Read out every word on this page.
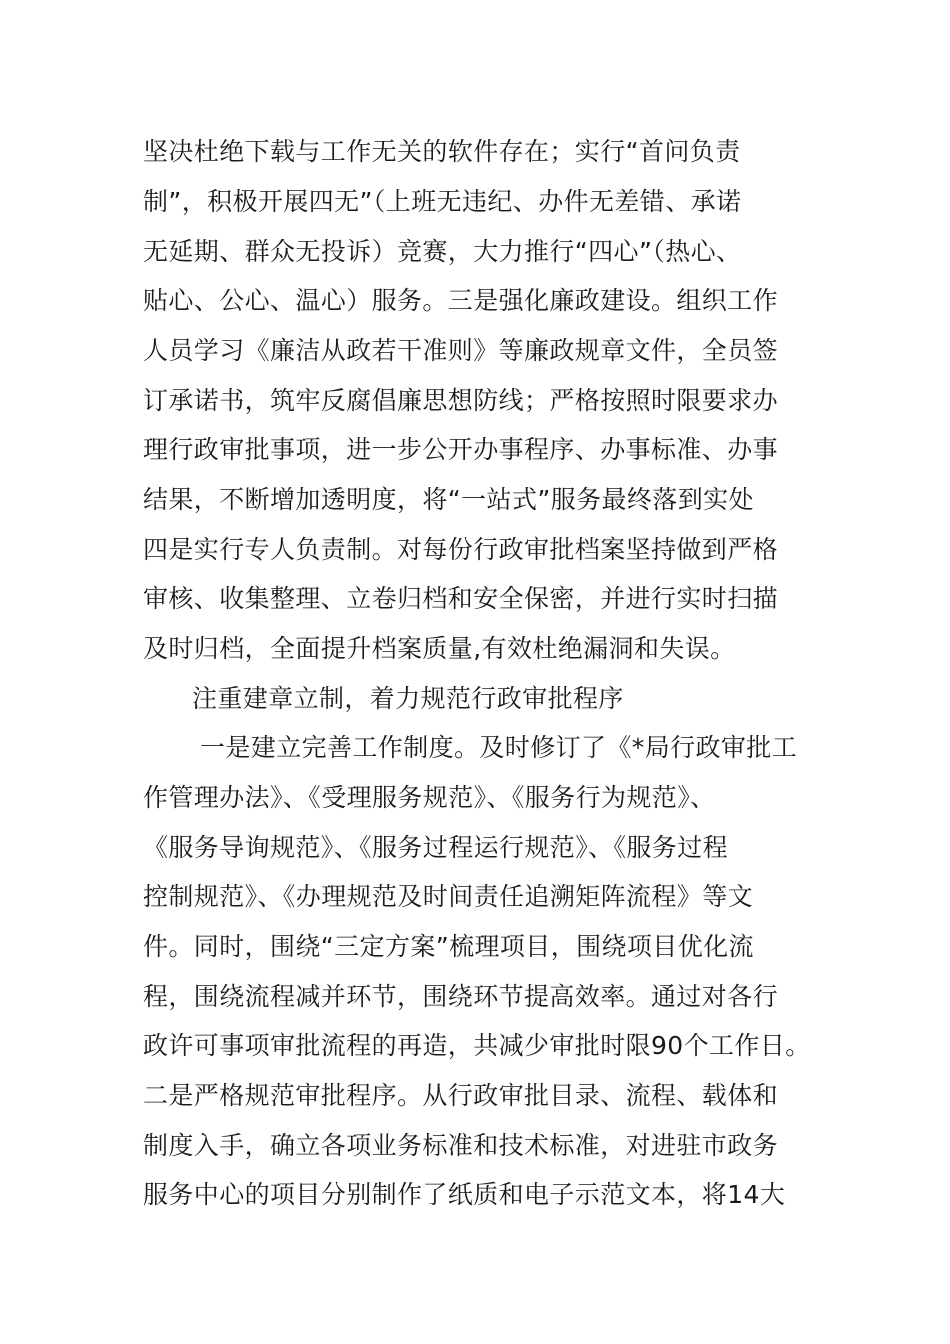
坚决杜绝下载与工作无关的软件存在；实行“首问负责
制”，积极开展四无”（上班无违纪、办件无差错、承诺
无延期、群众无投诉）竞赛，大力推行“四心”（热心、
贴心、公心、温心）服务。三是强化廉政建设。组织工作
人员学习《廉洁从政若干准则》等廉政规章文件，全员签
订承诺书，筑牢反腐倡廉思想防线；严格按照时限要求办
理行政审批事项，进一步公开办事程序、办事标准、办事
结果，不断增加透明度，将“一站式”服务最终落到实处
四是实行专人负责制。对每份行政审批档案坚持做到严格
审核、收集整理、立卷归档和安全保密，并进行实时扫描
及时归档，全面提升档案质量,有效杜绝漏洞和失误。
注重建章立制，着力规范行政审批程序
一是建立完善工作制度。及时修订了《*局行政审批工
作管理办法》、《受理服务规范》、《服务行为规范》、
《服务导询规范》、《服务过程运行规范》、《服务过程
控制规范》、《办理规范及时间责任追溯矩阵流程》等文
件。同时，围绕“三定方案”梳理项目，围绕项目优化流
程，围绕流程减并环节，围绕环节提高效率。通过对各行
政许可事项审批流程的再造，共减少审批时限90个工作日。
二是严格规范审批程序。从行政审批目录、流程、载体和
制度入手，确立各项业务标准和技术标准，对进驻市政务
服务中心的项目分别制作了纸质和电子示范文本，将14大
